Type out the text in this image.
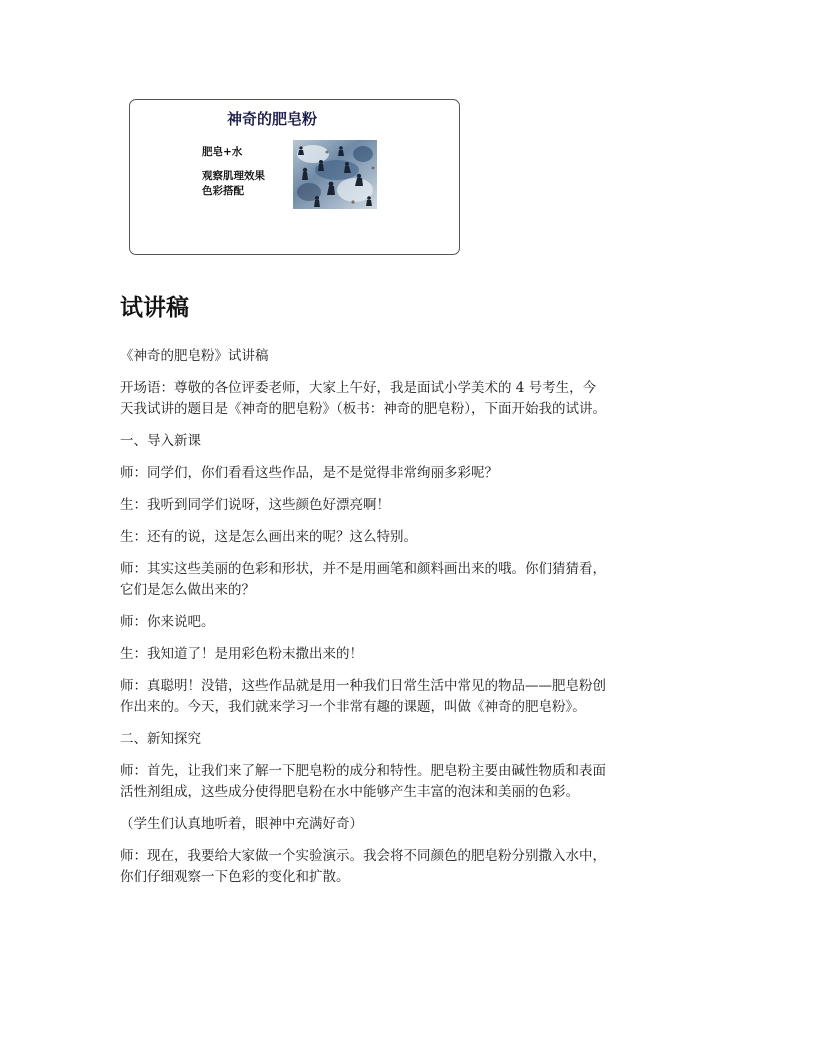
神奇的肥皂粉
肥皂+水
观察肌理效果
色彩搭配
试讲稿

《神奇的肥皂粉》试讲稿

开场语：尊敬的各位评委老师，大家上午好，我是面试小学美术的 4 号考生，今
天我试讲的题目是《神奇的肥皂粉》（板书：神奇的肥皂粉），下面开始我的试讲。

一、导入新课

师：同学们，你们看看这些作品，是不是觉得非常绚丽多彩呢？

生：我听到同学们说呀，这些颜色好漂亮啊！

生：还有的说，这是怎么画出来的呢？这么特别。

师：其实这些美丽的色彩和形状，并不是用画笔和颜料画出来的哦。你们猜猜看，
它们是怎么做出来的？

师：你来说吧。

生：我知道了！是用彩色粉末撒出来的！

师：真聪明！没错，这些作品就是用一种我们日常生活中常见的物品——肥皂粉创
作出来的。今天，我们就来学习一个非常有趣的课题，叫做《神奇的肥皂粉》。

二、新知探究

师：首先，让我们来了解一下肥皂粉的成分和特性。肥皂粉主要由碱性物质和表面
活性剂组成，这些成分使得肥皂粉在水中能够产生丰富的泡沫和美丽的色彩。

（学生们认真地听着，眼神中充满好奇）

师：现在，我要给大家做一个实验演示。我会将不同颜色的肥皂粉分别撒入水中，
你们仔细观察一下色彩的变化和扩散。
